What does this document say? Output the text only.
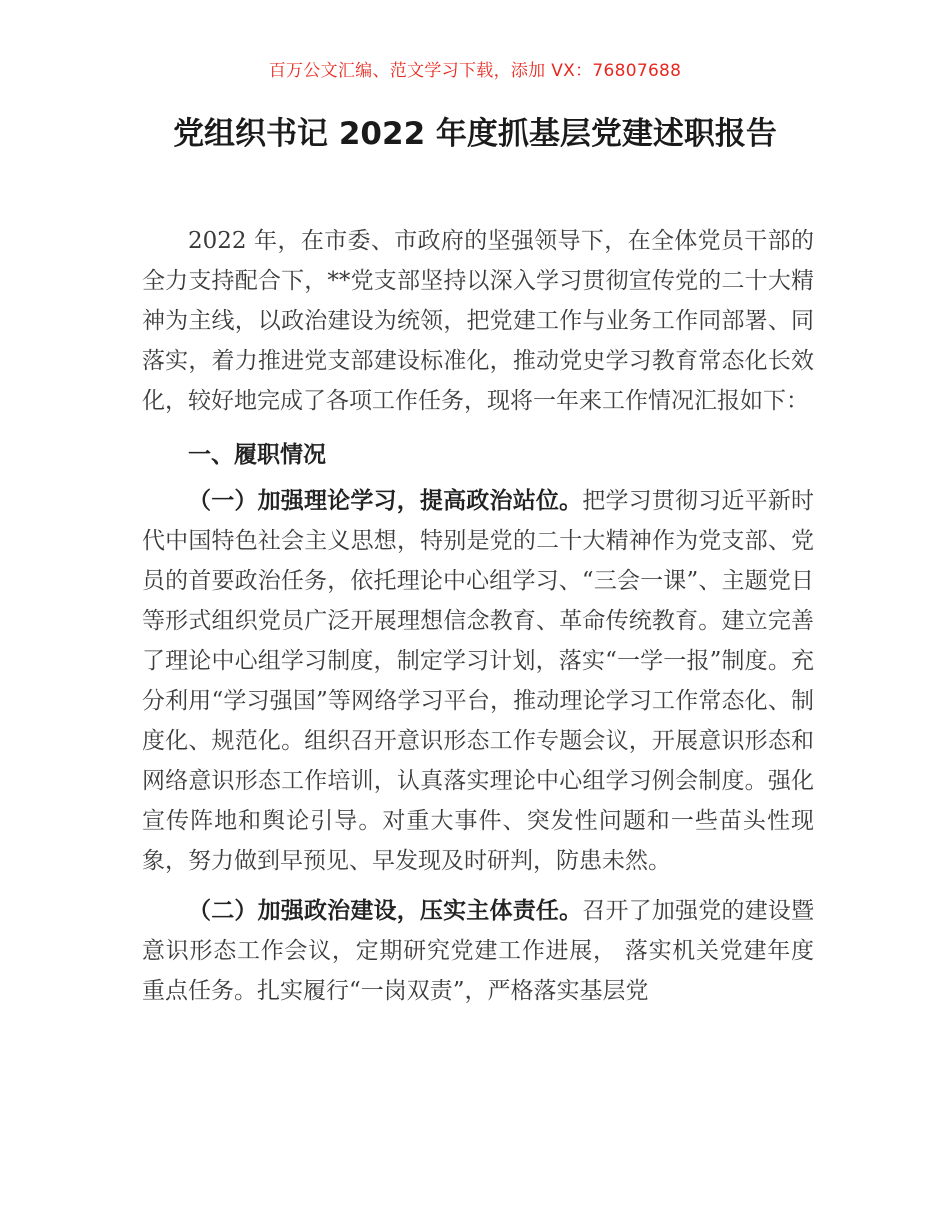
百万公文汇编、范文学习下载，添加 VX：76807688
党组织书记 2022 年度抓基层党建述职报告

2022 年，在市委、市政府的坚强领导下，在全体党员干部的全力支持配合下，**党支部坚持以深入学习贯彻宣传党的二十大精神为主线，以政治建设为统领，把党建工作与业务工作同部署、同落实，着力推进党支部建设标准化，推动党史学习教育常态化长效化，较好地完成了各项工作任务，现将一年来工作情况汇报如下：

一、履职情况

（一）加强理论学习，提高政治站位。把学习贯彻习近平新时代中国特色社会主义思想，特别是党的二十大精神作为党支部、党员的首要政治任务，依托理论中心组学习、“三会一课”、主题党日等形式组织党员广泛开展理想信念教育、革命传统教育。建立完善了理论中心组学习制度，制定学习计划，落实“一学一报”制度。充分利用“学习强国”等网络学习平台，推动理论学习工作常态化、制度化、规范化。组织召开意识形态工作专题会议，开展意识形态和网络意识形态工作培训，认真落实理论中心组学习例会制度。强化宣传阵地和舆论引导。对重大事件、突发性问题和一些苗头性现象，努力做到早预见、早发现及时研判，防患未然。

（二）加强政治建设，压实主体责任。召开了加强党的建设暨意识形态工作会议，定期研究党建工作进展， 落实机关党建年度重点任务。扎实履行“一岗双责”，严格落实基层党
